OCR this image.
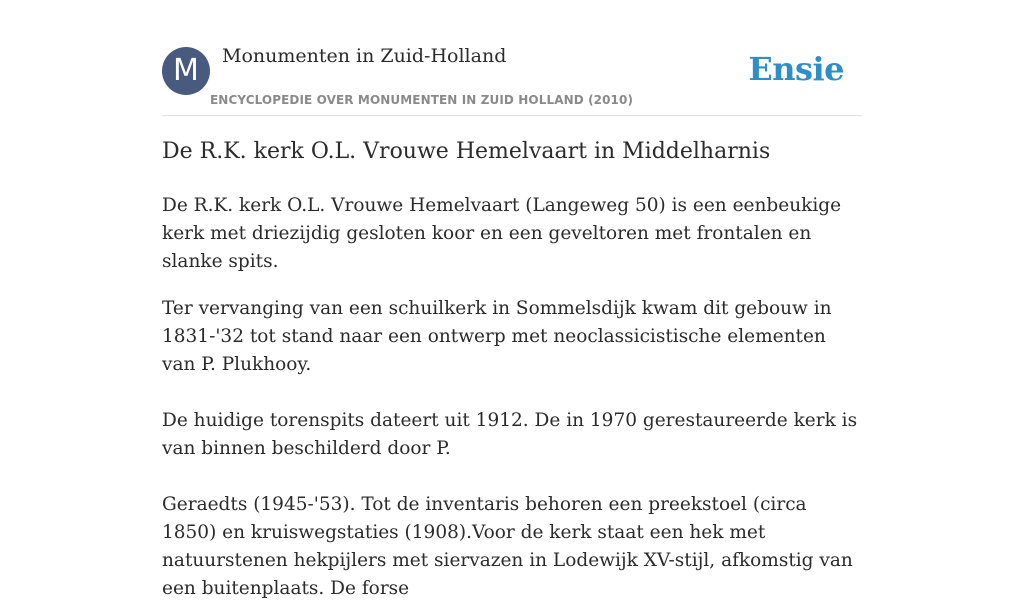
M	Monumenten in Zuid-Holland
ENCYCLOPEDIE OVER MONUMENTEN IN ZUID HOLLAND (2010)
Ensie
De R.K. kerk O.L. Vrouwe Hemelvaart in Middelharnis

De R.K. kerk O.L. Vrouwe Hemelvaart (Langeweg 50) is een eenbeukige kerk met driezijdig gesloten koor en een geveltoren met frontalen en slanke spits.

Ter vervanging van een schuilkerk in Sommelsdijk kwam dit gebouw in 1831-'32 tot stand naar een ontwerp met neoclassicistische elementen van P. Plukhooy.

De huidige torenspits dateert uit 1912. De in 1970 gerestaureerde kerk is van binnen beschilderd door P.

Geraedts (1945-'53). Tot de inventaris behoren een preekstoel (circa 1850) en kruiswegstaties (1908).Voor de kerk staat een hek met natuurstenen hekpijlers met siervazen in Lodewijk XV-stijl, afkomstig van een buitenplaats. De forse
